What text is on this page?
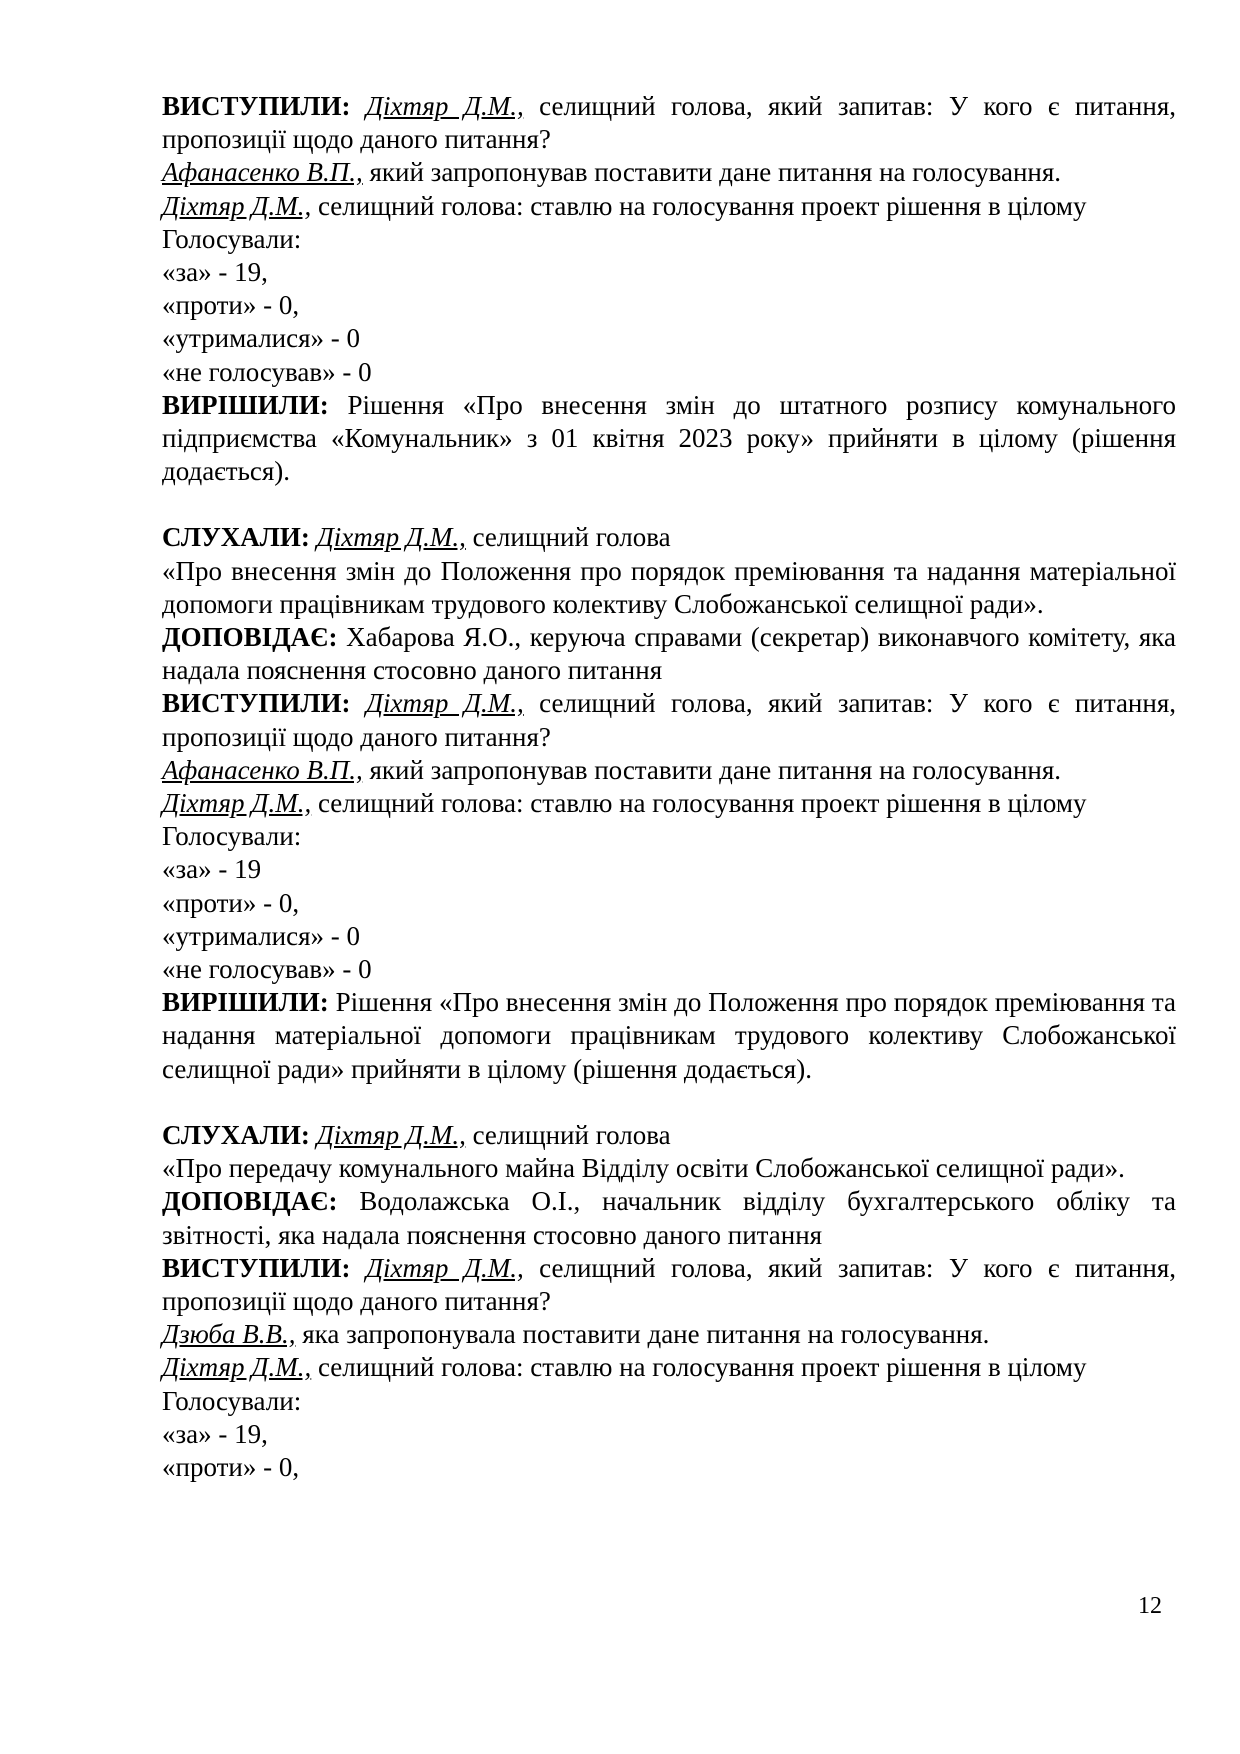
ВИСТУПИЛИ: Діхтяр Д.М., селищний голова, який запитав: У кого є питання, пропозиції щодо даного питання?

Афанасенко В.П., який запропонував поставити дане питання на голосування.

Діхтяр Д.М., селищний голова: ставлю на голосування проект рішення в цілому

Голосували:

«за» - 19,

«проти» - 0,

«утрималися» - 0

«не голосував» - 0

ВИРІШИЛИ: Рішення «Про внесення змін до штатного розпису комунального підприємства «Комунальник» з 01 квітня 2023 року» прийняти в цілому (рішення додається).

СЛУХАЛИ: Діхтяр Д.М., селищний голова

«Про внесення змін до Положення про порядок преміювання та надання матеріальної допомоги працівникам трудового колективу Слобожанської селищної ради».

ДОПОВІДАЄ: Хабарова Я.О., керуюча справами (секретар) виконавчого комітету, яка надала пояснення стосовно даного питання

ВИСТУПИЛИ: Діхтяр Д.М., селищний голова, який запитав: У кого є питання, пропозиції щодо даного питання?

Афанасенко В.П., який запропонував поставити дане питання на голосування.

Діхтяр Д.М., селищний голова: ставлю на голосування проект рішення в цілому

Голосували:

«за» - 19

«проти» - 0,

«утрималися» - 0

«не голосував» - 0

ВИРІШИЛИ: Рішення «Про внесення змін до Положення про порядок преміювання та надання матеріальної допомоги працівникам трудового колективу Слобожанської селищної ради» прийняти в цілому (рішення додається).

СЛУХАЛИ: Діхтяр Д.М., селищний голова

«Про передачу комунального майна Відділу освіти Слобожанської селищної ради».

ДОПОВІДАЄ: Водолажська О.І., начальник відділу бухгалтерського обліку та звітності, яка надала пояснення стосовно даного питання

ВИСТУПИЛИ: Діхтяр Д.М., селищний голова, який запитав: У кого є питання, пропозиції щодо даного питання?

Дзюба В.В., яка запропонувала поставити дане питання на голосування.

Діхтяр Д.М., селищний голова: ставлю на голосування проект рішення в цілому

Голосували:

«за» - 19,

«проти» - 0,

12
